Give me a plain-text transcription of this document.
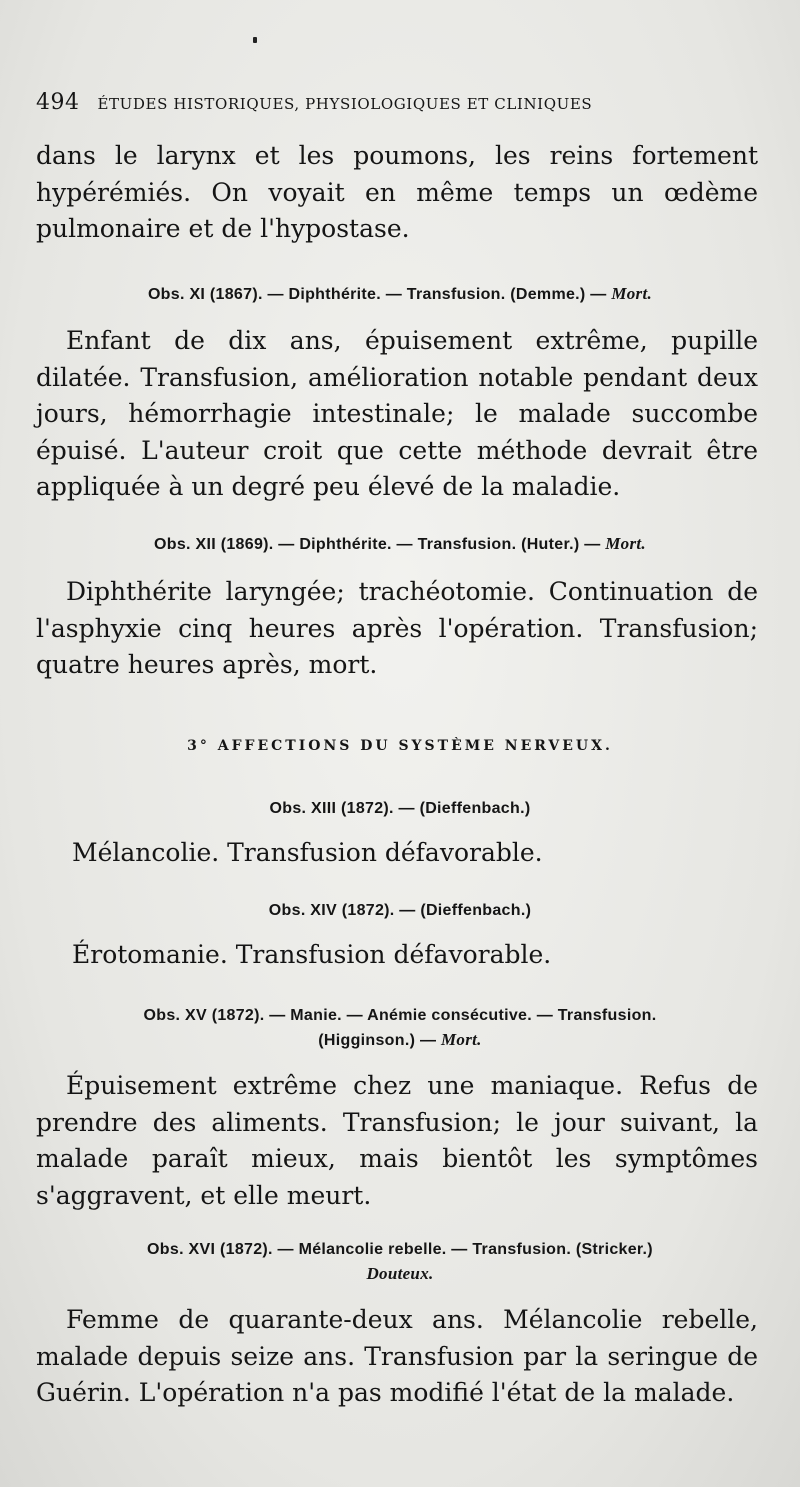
494 ÉTUDES HISTORIQUES, PHYSIOLOGIQUES ET CLINIQUES

dans le larynx et les poumons, les reins fortement hypérémiés. On voyait en même temps un œdème pulmonaire et de l'hypostase.

Obs. XI (1867). — Diphthérite. — Transfusion. (Demme.) — Mort.

Enfant de dix ans, épuisement extrême, pupille dilatée. Transfusion, amélioration notable pendant deux jours, hémorrhagie intestinale; le malade succombe épuisé. L'auteur croit que cette méthode devrait être appliquée à un degré peu élevé de la maladie.

Obs. XII (1869). — Diphthérite. — Transfusion. (Huter.) — Mort.

Diphthérite laryngée; trachéotomie. Continuation de l'asphyxie cinq heures après l'opération. Transfusion; quatre heures après, mort.

3° AFFECTIONS DU SYSTÈME NERVEUX.

Obs. XIII (1872). — (Dieffenbach.)

Mélancolie. Transfusion défavorable.

Obs. XIV (1872). — (Dieffenbach.)

Érotomanie. Transfusion défavorable.

Obs. XV (1872). — Manie. — Anémie consécutive. — Transfusion.
(Higginson.) — Mort.

Épuisement extrême chez une maniaque. Refus de prendre des aliments. Transfusion; le jour suivant, la malade paraît mieux, mais bientôt les symptômes s'aggravent, et elle meurt.

Obs. XVI (1872). — Mélancolie rebelle. — Transfusion. (Stricker.)
Douteux.

Femme de quarante-deux ans. Mélancolie rebelle, malade depuis seize ans. Transfusion par la seringue de Guérin. L'opération n'a pas modifié l'état de la malade.
